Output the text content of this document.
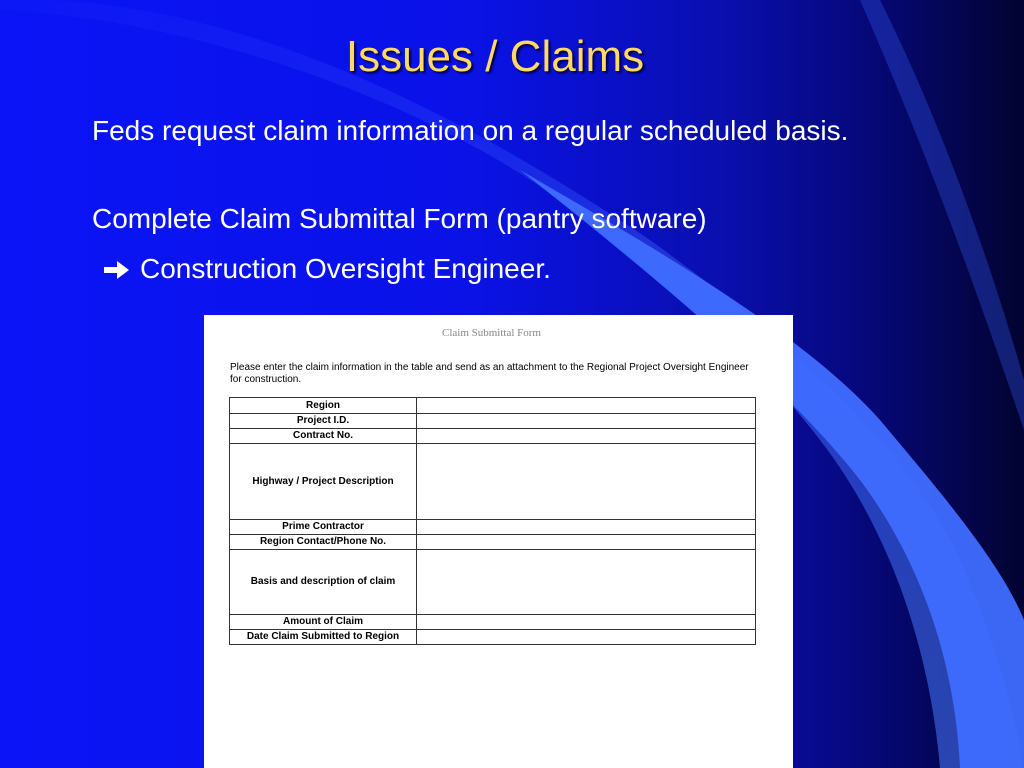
Issues / Claims
Feds request claim information on a regular scheduled basis.
Complete Claim Submittal Form (pantry software)
Construction Oversight Engineer.
Claim Submittal Form
Please enter the claim information in the table and send as an attachment to the Regional Project Oversight Engineer for construction.
Region	
Project I.D.	
Contract No.	
Highway / Project Description	
Prime Contractor	
Region Contact/Phone No.	
Basis and description of claim	
Amount of Claim	
Date Claim Submitted to Region	
